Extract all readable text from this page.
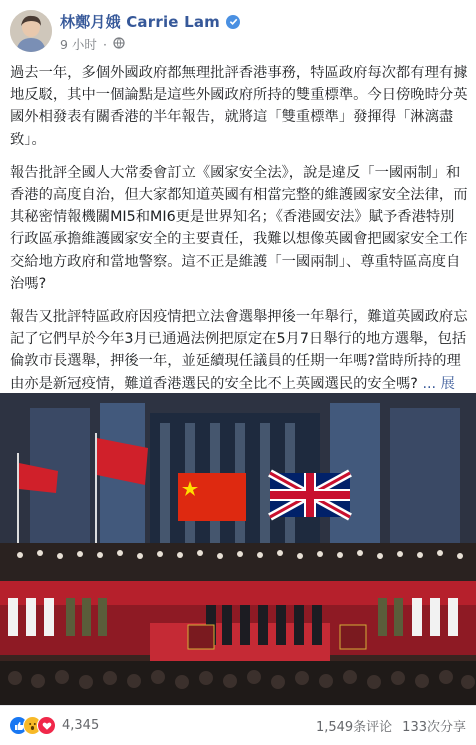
林鄭月娥 Carrie Lam
9 小时 ·

過去一年，多個外國政府都無理批評香港事務，特區政府每次都有理有據地反駁，其中一個論點是這些外國政府所持的雙重標準。今日傍晚時分英國外相發表有關香港的半年報告，就將這「雙重標準」發揮得「淋漓盡致」。

報告批評全國人大常委會訂立《國家安全法》，說是違反「一國兩制」和香港的高度自治，但大家都知道英國有相當完整的維護國家安全法律，而其秘密情報機關MI5和MI6更是世界知名；《香港國安法》賦予香港特別行政區承擔維護國家安全的主要責任，我難以想像英國會把國家安全工作交給地方政府和當地警察。這不正是維護「一國兩制」、尊重特區高度自治嗎?

報告又批評特區政府因疫情把立法會選舉押後一年舉行，難道英國政府忘記了它們早於今年3月已通過法例把原定在5月7日舉行的地方選舉，包括倫敦市長選舉，押後一年，並延續現任議員的任期一年嗎?當時所持的理由亦是新冠疫情，難道香港選民的安全比不上英國選民的安全嗎? ... 展

4,345	1,549条评论 133次分享
